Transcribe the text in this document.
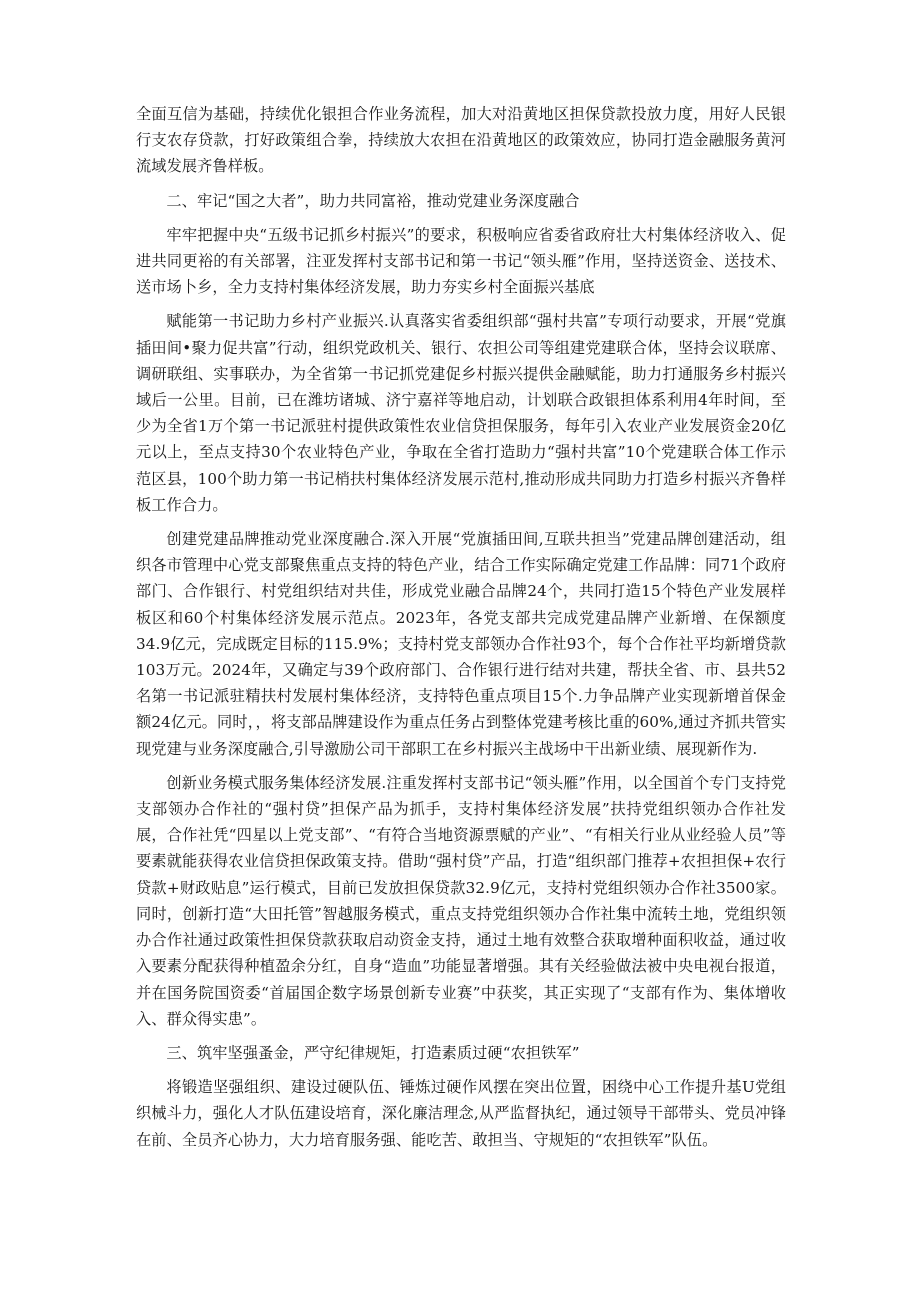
全面互信为基础，持续优化银担合作业务流程，加大对沿黄地区担保贷款投放力度，用好人民银行支农存贷款，打好政策组合拳，持续放大农担在沿黄地区的政策效应，协同打造金融服务黄河流域发展齐鲁样板。

二、牢记“国之大者”，助力共同富裕，推动党建业务深度融合

牢牢把握中央“五级书记抓乡村振兴”的要求，积极响应省委省政府壮大村集体经济收入、促进共同更裕的有关部署，注亚发挥村支部书记和第一书记“领头雁”作用，坚持送资金、送技术、送市场卜乡，全力支持村集体经济发展，助力夯实乡村全面振兴基底

赋能第一书记助力乡村产业振兴.认真落实省委组织部“强村共富”专项行动要求，开展“党旗插田间•聚力促共富”行动，组织党政机关、银行、农担公司等组建党建联合体，坚持会议联席、调研联组、实事联办，为全省第一书记抓党建促乡村振兴提供金融赋能，助力打通服务乡村振兴域后一公里。目前，已在潍坊诸城、济宁嘉祥等地启动，计划联合政银担体系利用4年时间，至少为全省1万个第一书记派驻村提供政策性农业信贷担保服务，每年引入农业产业发展资金20亿元以上，至点支持30个农业特色产业，争取在全省打造助力“强村共富”10个党建联合体工作示范区县，100个助力第一书记梢扶村集体经济发展示范村,推动形成共同助力打造乡村振兴齐鲁样板工作合力。

创建党建品牌推动党业深度融合.深入开展“党旗插田间,互联共担当”党建品牌创建活动，组织各市管理中心党支部聚焦重点支持的特色产业，结合工作实际确定党建工作品牌：同71个政府部门、合作银行、村党组织结对共佳，形成党业融合品牌24个，共同打造15个特色产业发展样板区和60个村集体经济发展示范点。2023年，各党支部共完成党建品牌产业新增、在保额度34.9亿元，完成既定目标的115.9%；支持村党支部领办合作社93个，每个合作社平均新增贷款103万元。2024年，又确定与39个政府部门、合作银行进行结对共建，帮扶全省、市、县共52名第一书记派驻精扶村发展村集体经济，支持特色重点项目15个.力争品牌产业实现新增首保金额24亿元。同时，，将支部品牌建设作为重点任务占到整体党建考核比重的60%,通过齐抓共管实现党建与业务深度融合,引导激励公司干部职工在乡村振兴主战场中干出新业绩、展现新作为.

创新业务模式服务集体经济发展.注重发挥村支部书记“领头雁”作用，以全国首个专门支持党支部领办合作社的“强村贷”担保产品为抓手，支持村集体经济发展”扶持党组织领办合作社发展，合作社凭“四星以上党支部”、“有符合当地资源票赋的产业”、“有相关行业从业经验人员”等要素就能获得农业信贷担保政策支持。借助“强村贷”产品，打造“组织部门推荐+农担担保+农行贷款+财政贴息”运行模式，目前已发放担保贷款32.9亿元，支持村党组织领办合作社3500家。同时，创新打造“大田托管”智越服务模式，重点支持党组织领办合作社集中流转土地，党组织领办合作社通过政策性担保贷款获取启动资金支持，通过土地有效整合获取增种面积收益，通过收入要素分配获得种植盈余分红，自身“造血”功能显著增强。其有关经验做法被中央电视台报道，并在国务院国资委“首届国企数字场景创新专业赛”中获奖，其正实现了“支部有作为、集体增收入、群众得实患”。

三、筑牢坚强蚤金，严守纪律规矩，打造素质过硬“农担铁军”

将锻造坚强组织、建设过硬队伍、锤炼过硬作风摆在突出位置，困绕中心工作提升基U党组织械斗力，强化人才队伍建设培育，深化廉洁理念,从严监督执纪，通过领导干部带头、党员冲锋在前、全员齐心协力，大力培育服务强、能吃苦、敢担当、守规矩的“农担铁军”队伍。
